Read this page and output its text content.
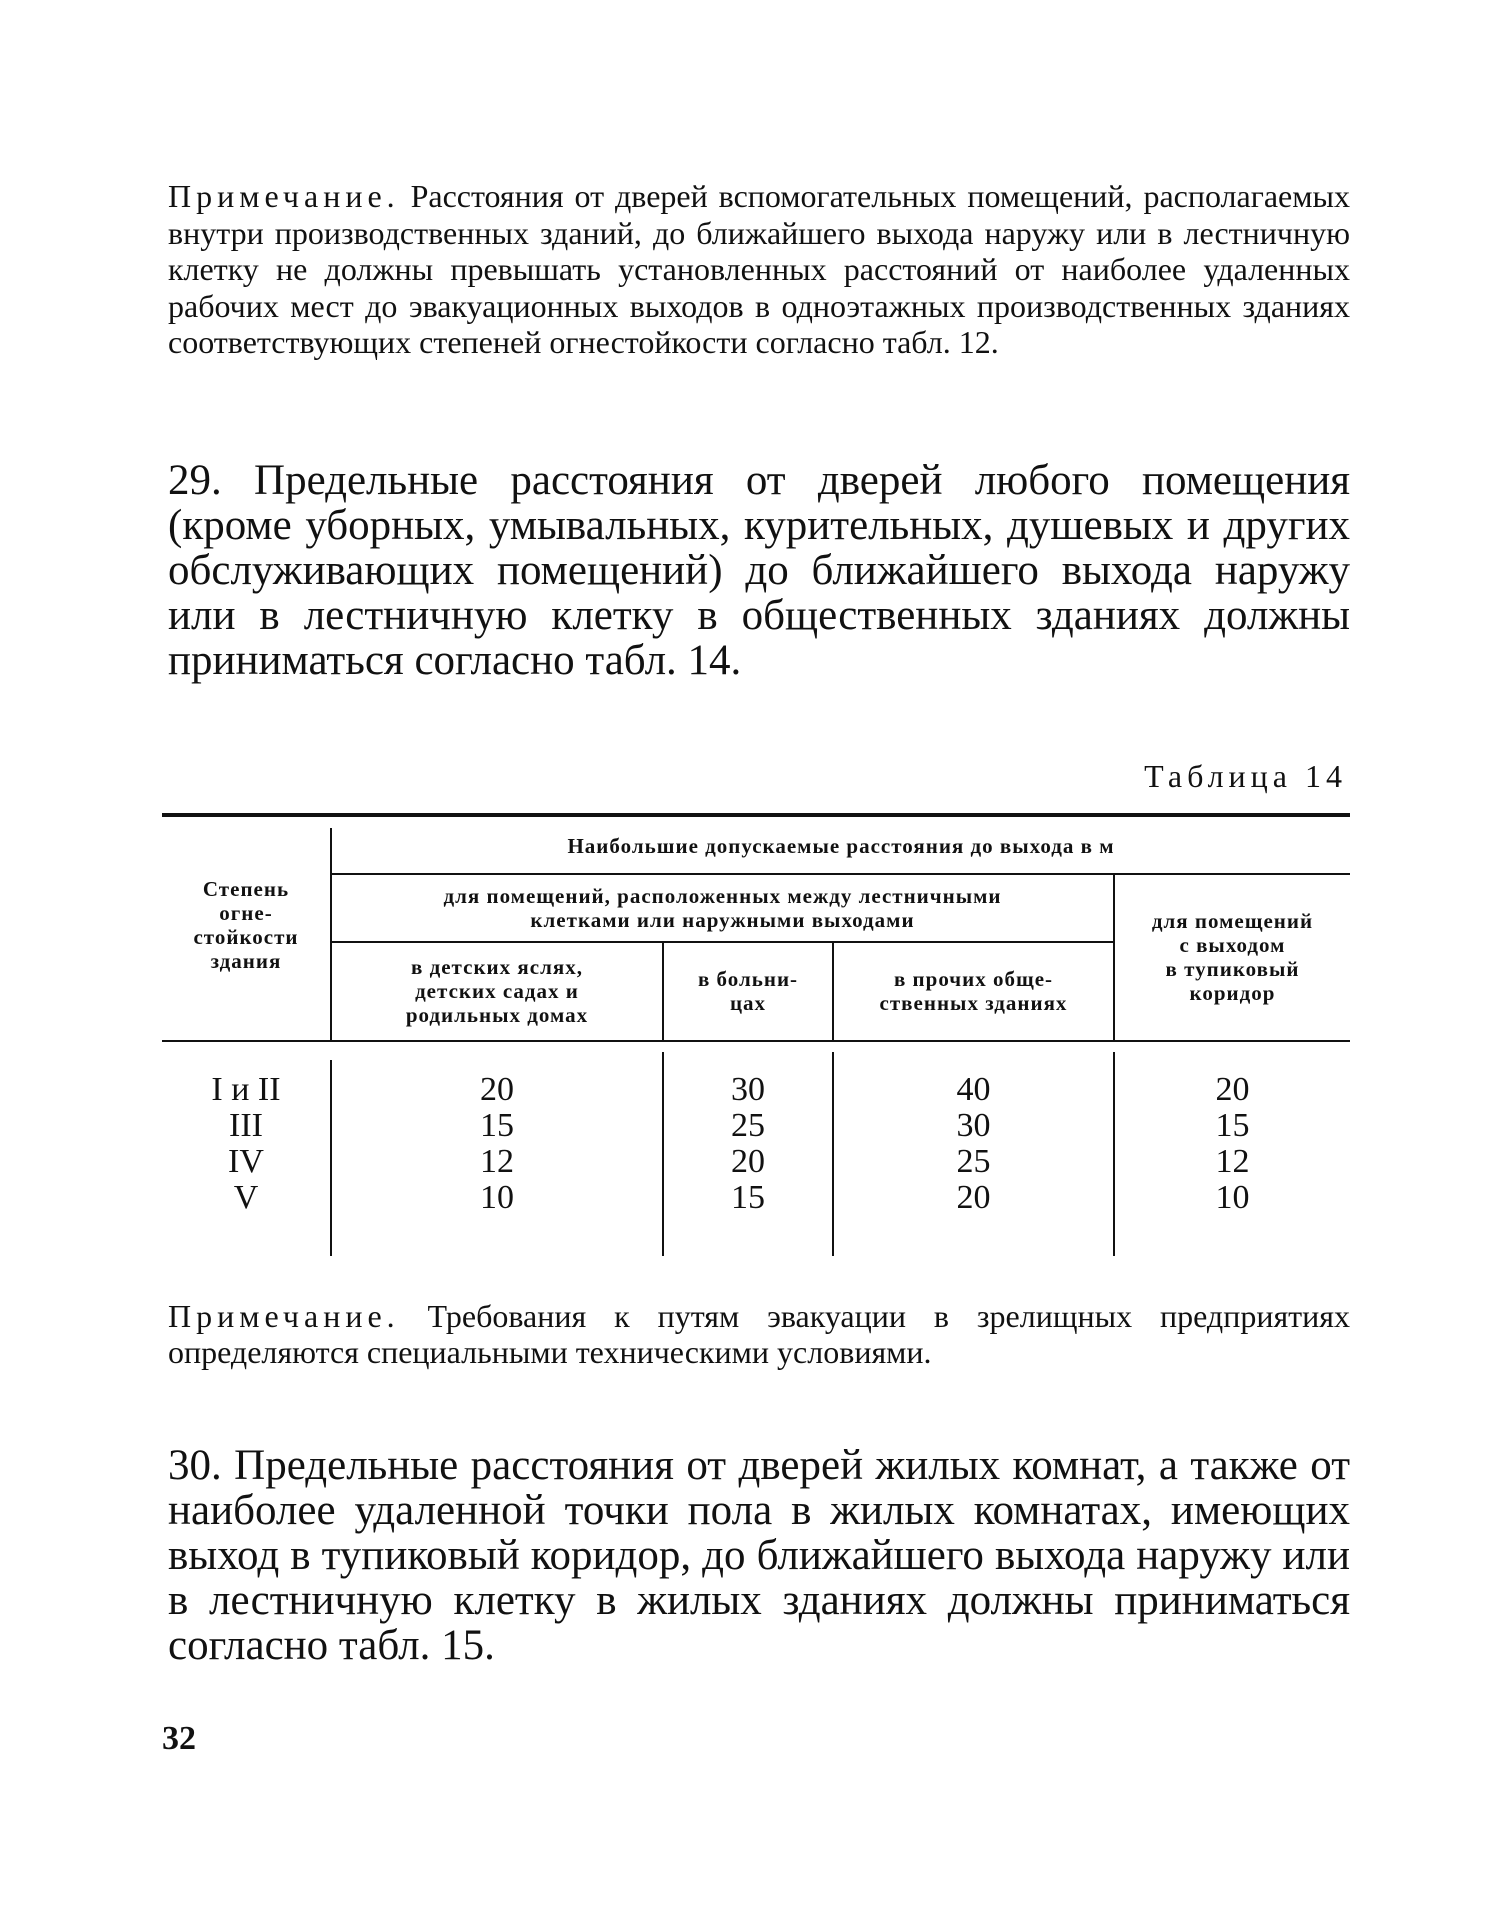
Примечание. Расстояния от дверей вспомогательных помещений, располагаемых внутри производственных зданий, до ближайшего выхода наружу или в лестничную клетку не должны превышать установленных расстояний от наиболее удаленных рабочих мест до эвакуационных выходов в одноэтажных производственных зданиях соответствующих степеней огнестойкости согласно табл. 12.

29. Предельные расстояния от дверей любого помещения (кроме уборных, умывальных, курительных, душевых и других обслуживающих помещений) до ближайшего выхода наружу или в лестничную клетку в общественных зданиях должны приниматься согласно табл. 14.

Таблица 14
Степень
огне-
стойкости
здания
Наибольшие допускаемые расстояния до выхода в м
для помещений, расположенных между лестничными
клетками или наружными выходами
в детских яслях,
детских садах и
родильных домах
в больни-
цах
в прочих обще-
ственных зданиях
для помещений
с выходом
в тупиковый
коридор
I и II
III
IV
V
20
15
12
10
30
25
20
15
40
30
25
20
20
15
12
10

Примечание. Требования к путям эвакуации в зрелищных предприятиях определяются специальными техническими условиями.

30. Предельные расстояния от дверей жилых комнат, а также от наиболее удаленной точки пола в жилых комнатах, имеющих выход в тупиковый коридор, до ближайшего выхода наружу или в лестничную клетку в жилых зданиях должны приниматься согласно табл. 15.

32
